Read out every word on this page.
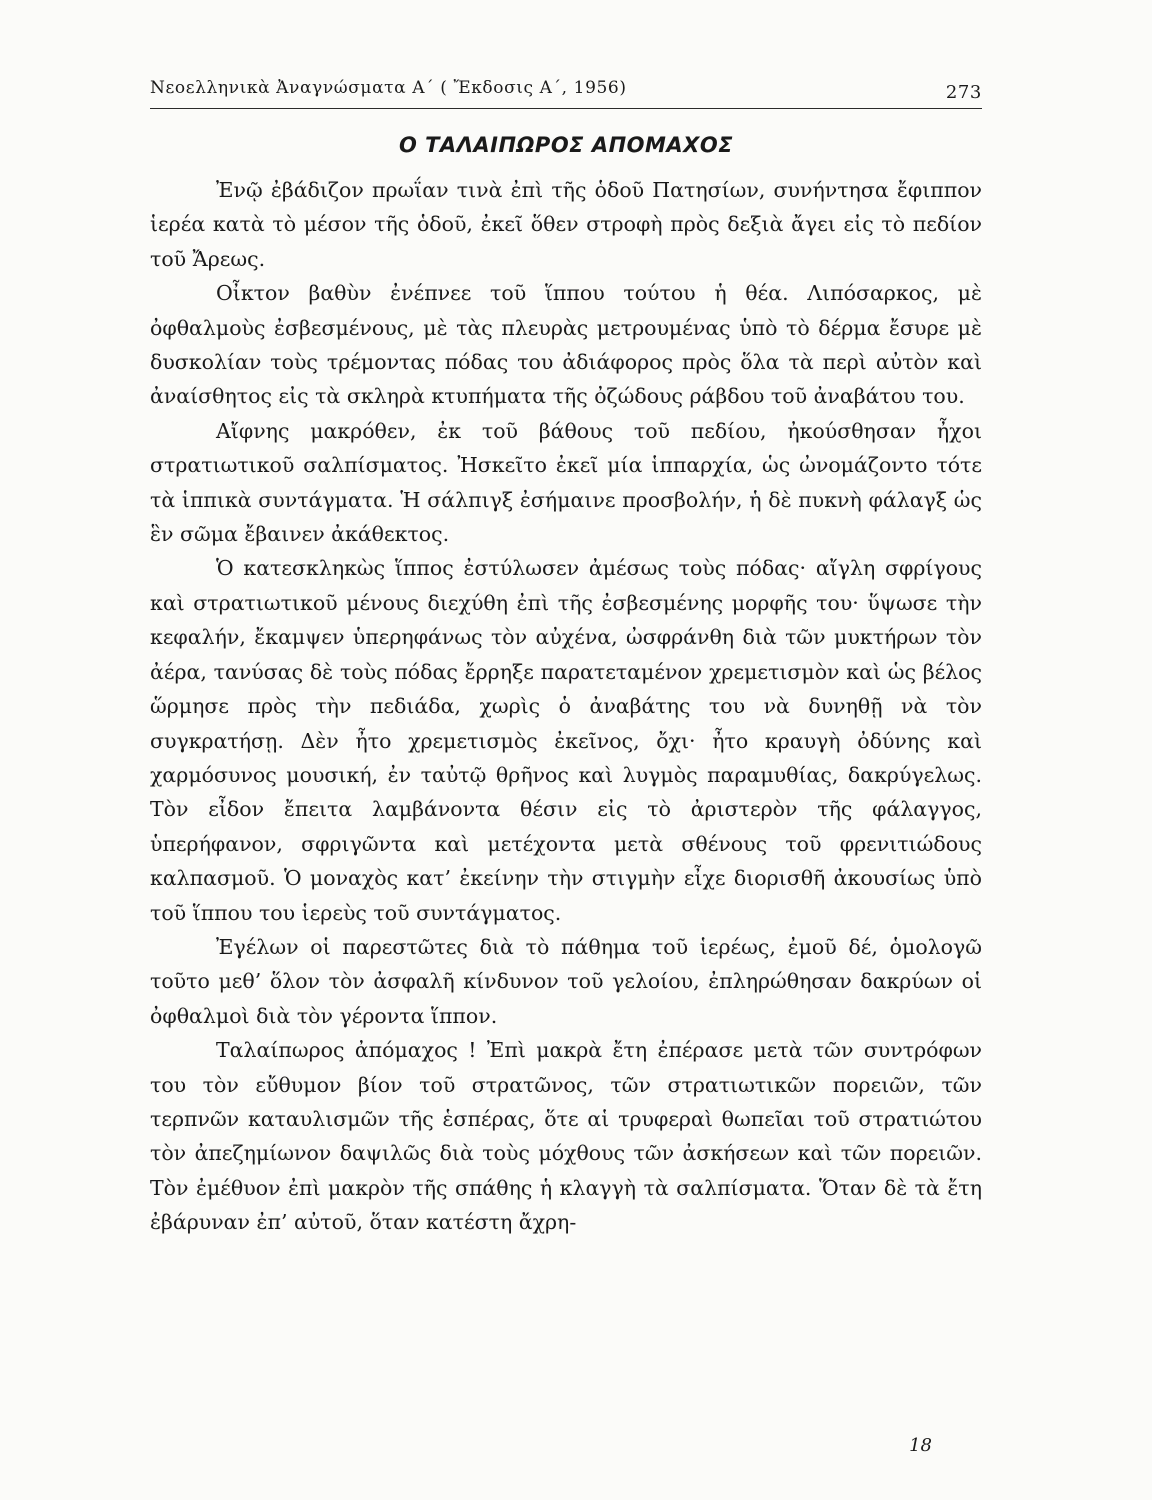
Νεοελληνικὰ Ἀναγνώσματα Α΄ ( Ἔκδοσις Α΄, 1956)	273
Ο ΤΑΛΑΙΠΩΡΟΣ ΑΠΟΜΑΧΟΣ

Ἐνῷ ἐβάδιζον πρωΐαν τινὰ ἐπὶ τῆς ὁδοῦ Πατησίων, συνήντησα ἔφιππον ἱερέα κατὰ τὸ μέσον τῆς ὁδοῦ, ἐκεῖ ὅθεν στροφὴ πρὸς δεξιὰ ἄγει εἰς τὸ πεδίον τοῦ Ἄρεως.

Οἶκτον βαθὺν ἐνέπνεε τοῦ ἵππου τούτου ἡ θέα. Λιπόσαρκος, μὲ ὀφθαλμοὺς ἐσβεσμένους, μὲ τὰς πλευρὰς μετρουμένας ὑπὸ τὸ δέρμα ἔσυρε μὲ δυσκολίαν τοὺς τρέμοντας πόδας του ἀδιάφορος πρὸς ὅλα τὰ περὶ αὐτὸν καὶ ἀναίσθητος εἰς τὰ σκληρὰ κτυπήματα τῆς ὀζώδους ράβδου τοῦ ἀναβάτου του.

Αἴφνης μακρόθεν, ἐκ τοῦ βάθους τοῦ πεδίου, ἠκούσθησαν ἦχοι στρατιωτικοῦ σαλπίσματος. Ἠσκεῖτο ἐκεῖ μία ἱππαρχία, ὡς ὠνομάζοντο τότε τὰ ἱππικὰ συντάγματα. Ἡ σάλπιγξ ἐσήμαινε προσβολήν, ἡ δὲ πυκνὴ φάλαγξ ὡς ἓν σῶμα ἔβαινεν ἀκάθεκτος.

Ὁ κατεσκληκὼς ἵππος ἐστύλωσεν ἀμέσως τοὺς πόδας· αἴγλη σφρίγους καὶ στρατιωτικοῦ μένους διεχύθη ἐπὶ τῆς ἐσβεσμένης μορφῆς του· ὕψωσε τὴν κεφαλήν, ἔκαμψεν ὑπερηφάνως τὸν αὐχένα, ὠσφράνθη διὰ τῶν μυκτήρων τὸν ἀέρα, τανύσας δὲ τοὺς πόδας ἔρρηξε παρατεταμένον χρεμετισμὸν καὶ ὡς βέλος ὥρμησε πρὸς τὴν πεδιάδα, χωρὶς ὁ ἀναβάτης του νὰ δυνηθῇ νὰ τὸν συγκρατήσῃ. Δὲν ἦτο χρεμετισμὸς ἐκεῖνος, ὄχι· ἦτο κραυγὴ ὀδύνης καὶ χαρμόσυνος μουσική, ἐν ταὐτῷ θρῆνος καὶ λυγμὸς παραμυθίας, δακρύγελως. Τὸν εἶδον ἔπειτα λαμβάνοντα θέσιν εἰς τὸ ἀριστερὸν τῆς φάλαγγος, ὑπερήφανον, σφριγῶντα καὶ μετέχοντα μετὰ σθένους τοῦ φρενιτιώδους καλπασμοῦ. Ὁ μοναχὸς κατ’ ἐκείνην τὴν στιγμὴν εἶχε διορισθῆ ἀκουσίως ὑπὸ τοῦ ἵππου του ἱερεὺς τοῦ συντάγματος.

Ἐγέλων οἱ παρεστῶτες διὰ τὸ πάθημα τοῦ ἱερέως, ἐμοῦ δέ, ὁμολογῶ τοῦτο μεθ’ ὅλον τὸν ἀσφαλῆ κίνδυνον τοῦ γελοίου, ἐπληρώθησαν δακρύων οἱ ὀφθαλμοὶ διὰ τὸν γέροντα ἵππον.

Ταλαίπωρος ἀπόμαχος ! Ἐπὶ μακρὰ ἔτη ἐπέρασε μετὰ τῶν συντρόφων του τὸν εὔθυμον βίον τοῦ στρατῶνος, τῶν στρατιωτικῶν πορειῶν, τῶν τερπνῶν καταυλισμῶν τῆς ἑσπέρας, ὅτε αἱ τρυφεραὶ θωπεῖαι τοῦ στρατιώτου τὸν ἀπεζημίωνον δαψιλῶς διὰ τοὺς μόχθους τῶν ἀσκήσεων καὶ τῶν πορειῶν. Τὸν ἐμέθυον ἐπὶ μακρὸν τῆς σπάθης ἡ κλαγγὴ τὰ σαλπίσματα. Ὅταν δὲ τὰ ἔτη ἐβάρυναν ἐπ’ αὐτοῦ, ὅταν κατέστη ἄχρη-

18
